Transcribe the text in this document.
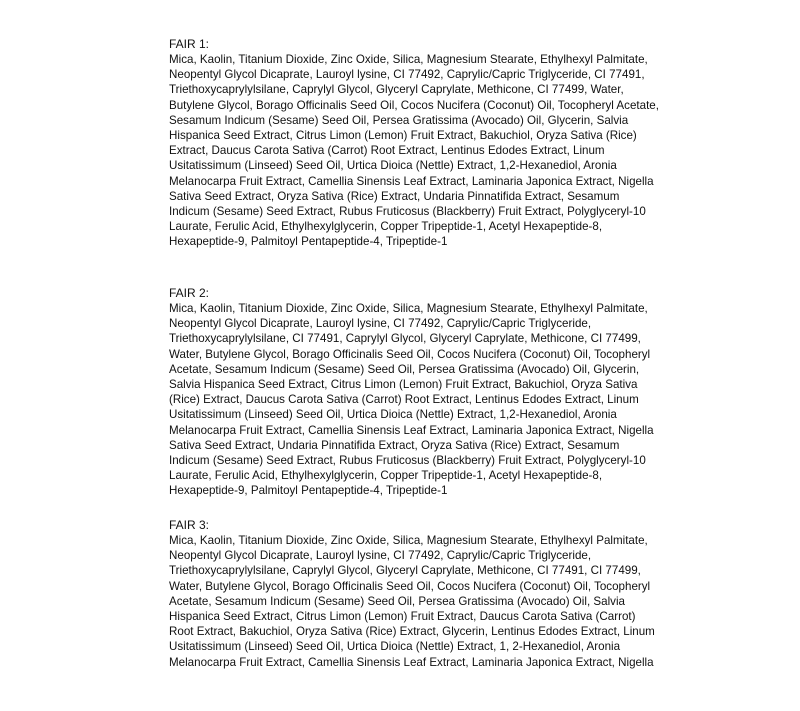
FAIR 1:

Mica, Kaolin, Titanium Dioxide, Zinc Oxide, Silica, Magnesium Stearate, Ethylhexyl Palmitate,

Neopentyl Glycol Dicaprate, Lauroyl lysine, CI 77492, Caprylic/Capric Triglyceride, CI 77491,

Triethoxycaprylylsilane, Caprylyl Glycol, Glyceryl Caprylate, Methicone, CI 77499, Water,

Butylene Glycol, Borago Officinalis Seed Oil, Cocos Nucifera (Coconut) Oil, Tocopheryl Acetate,

Sesamum Indicum (Sesame) Seed Oil, Persea Gratissima (Avocado) Oil, Glycerin, Salvia

Hispanica Seed Extract, Citrus Limon (Lemon) Fruit Extract, Bakuchiol, Oryza Sativa (Rice)

Extract, Daucus Carota Sativa (Carrot) Root Extract, Lentinus Edodes Extract, Linum

Usitatissimum (Linseed) Seed Oil, Urtica Dioica (Nettle) Extract, 1,2-Hexanediol, Aronia

Melanocarpa Fruit Extract, Camellia Sinensis Leaf Extract, Laminaria Japonica Extract, Nigella

Sativa Seed Extract, Oryza Sativa (Rice) Extract, Undaria Pinnatifida Extract, Sesamum

Indicum (Sesame) Seed Extract, Rubus Fruticosus (Blackberry) Fruit Extract, Polyglyceryl-10

Laurate, Ferulic Acid, Ethylhexylglycerin, Copper Tripeptide-1, Acetyl Hexapeptide-8,

Hexapeptide-9, Palmitoyl Pentapeptide-4, Tripeptide-1

FAIR 2:

Mica, Kaolin, Titanium Dioxide, Zinc Oxide, Silica, Magnesium Stearate, Ethylhexyl Palmitate,

Neopentyl Glycol Dicaprate, Lauroyl lysine, CI 77492, Caprylic/Capric Triglyceride,

Triethoxycaprylylsilane, CI 77491, Caprylyl Glycol, Glyceryl Caprylate, Methicone, CI 77499,

Water, Butylene Glycol, Borago Officinalis Seed Oil, Cocos Nucifera (Coconut) Oil, Tocopheryl

Acetate, Sesamum Indicum (Sesame) Seed Oil, Persea Gratissima (Avocado) Oil, Glycerin,

Salvia Hispanica Seed Extract, Citrus Limon (Lemon) Fruit Extract, Bakuchiol, Oryza Sativa

(Rice) Extract, Daucus Carota Sativa (Carrot) Root Extract, Lentinus Edodes Extract, Linum

Usitatissimum (Linseed) Seed Oil, Urtica Dioica (Nettle) Extract, 1,2-Hexanediol, Aronia

Melanocarpa Fruit Extract, Camellia Sinensis Leaf Extract, Laminaria Japonica Extract, Nigella

Sativa Seed Extract, Undaria Pinnatifida Extract, Oryza Sativa (Rice) Extract, Sesamum

Indicum (Sesame) Seed Extract, Rubus Fruticosus (Blackberry) Fruit Extract, Polyglyceryl-10

Laurate, Ferulic Acid, Ethylhexylglycerin, Copper Tripeptide-1, Acetyl Hexapeptide-8,

Hexapeptide-9, Palmitoyl Pentapeptide-4, Tripeptide-1

FAIR 3:

Mica, Kaolin, Titanium Dioxide, Zinc Oxide, Silica, Magnesium Stearate, Ethylhexyl Palmitate,

Neopentyl Glycol Dicaprate, Lauroyl lysine, CI 77492, Caprylic/Capric Triglyceride,

Triethoxycaprylylsilane, Caprylyl Glycol, Glyceryl Caprylate, Methicone, CI 77491, CI 77499,

Water, Butylene Glycol, Borago Officinalis Seed Oil, Cocos Nucifera (Coconut) Oil, Tocopheryl

Acetate, Sesamum Indicum (Sesame) Seed Oil, Persea Gratissima (Avocado) Oil, Salvia

Hispanica Seed Extract, Citrus Limon (Lemon) Fruit Extract, Daucus Carota Sativa (Carrot)

Root Extract, Bakuchiol, Oryza Sativa (Rice) Extract, Glycerin, Lentinus Edodes Extract, Linum

Usitatissimum (Linseed) Seed Oil, Urtica Dioica (Nettle) Extract, 1, 2-Hexanediol, Aronia

Melanocarpa Fruit Extract, Camellia Sinensis Leaf Extract, Laminaria Japonica Extract, Nigella
